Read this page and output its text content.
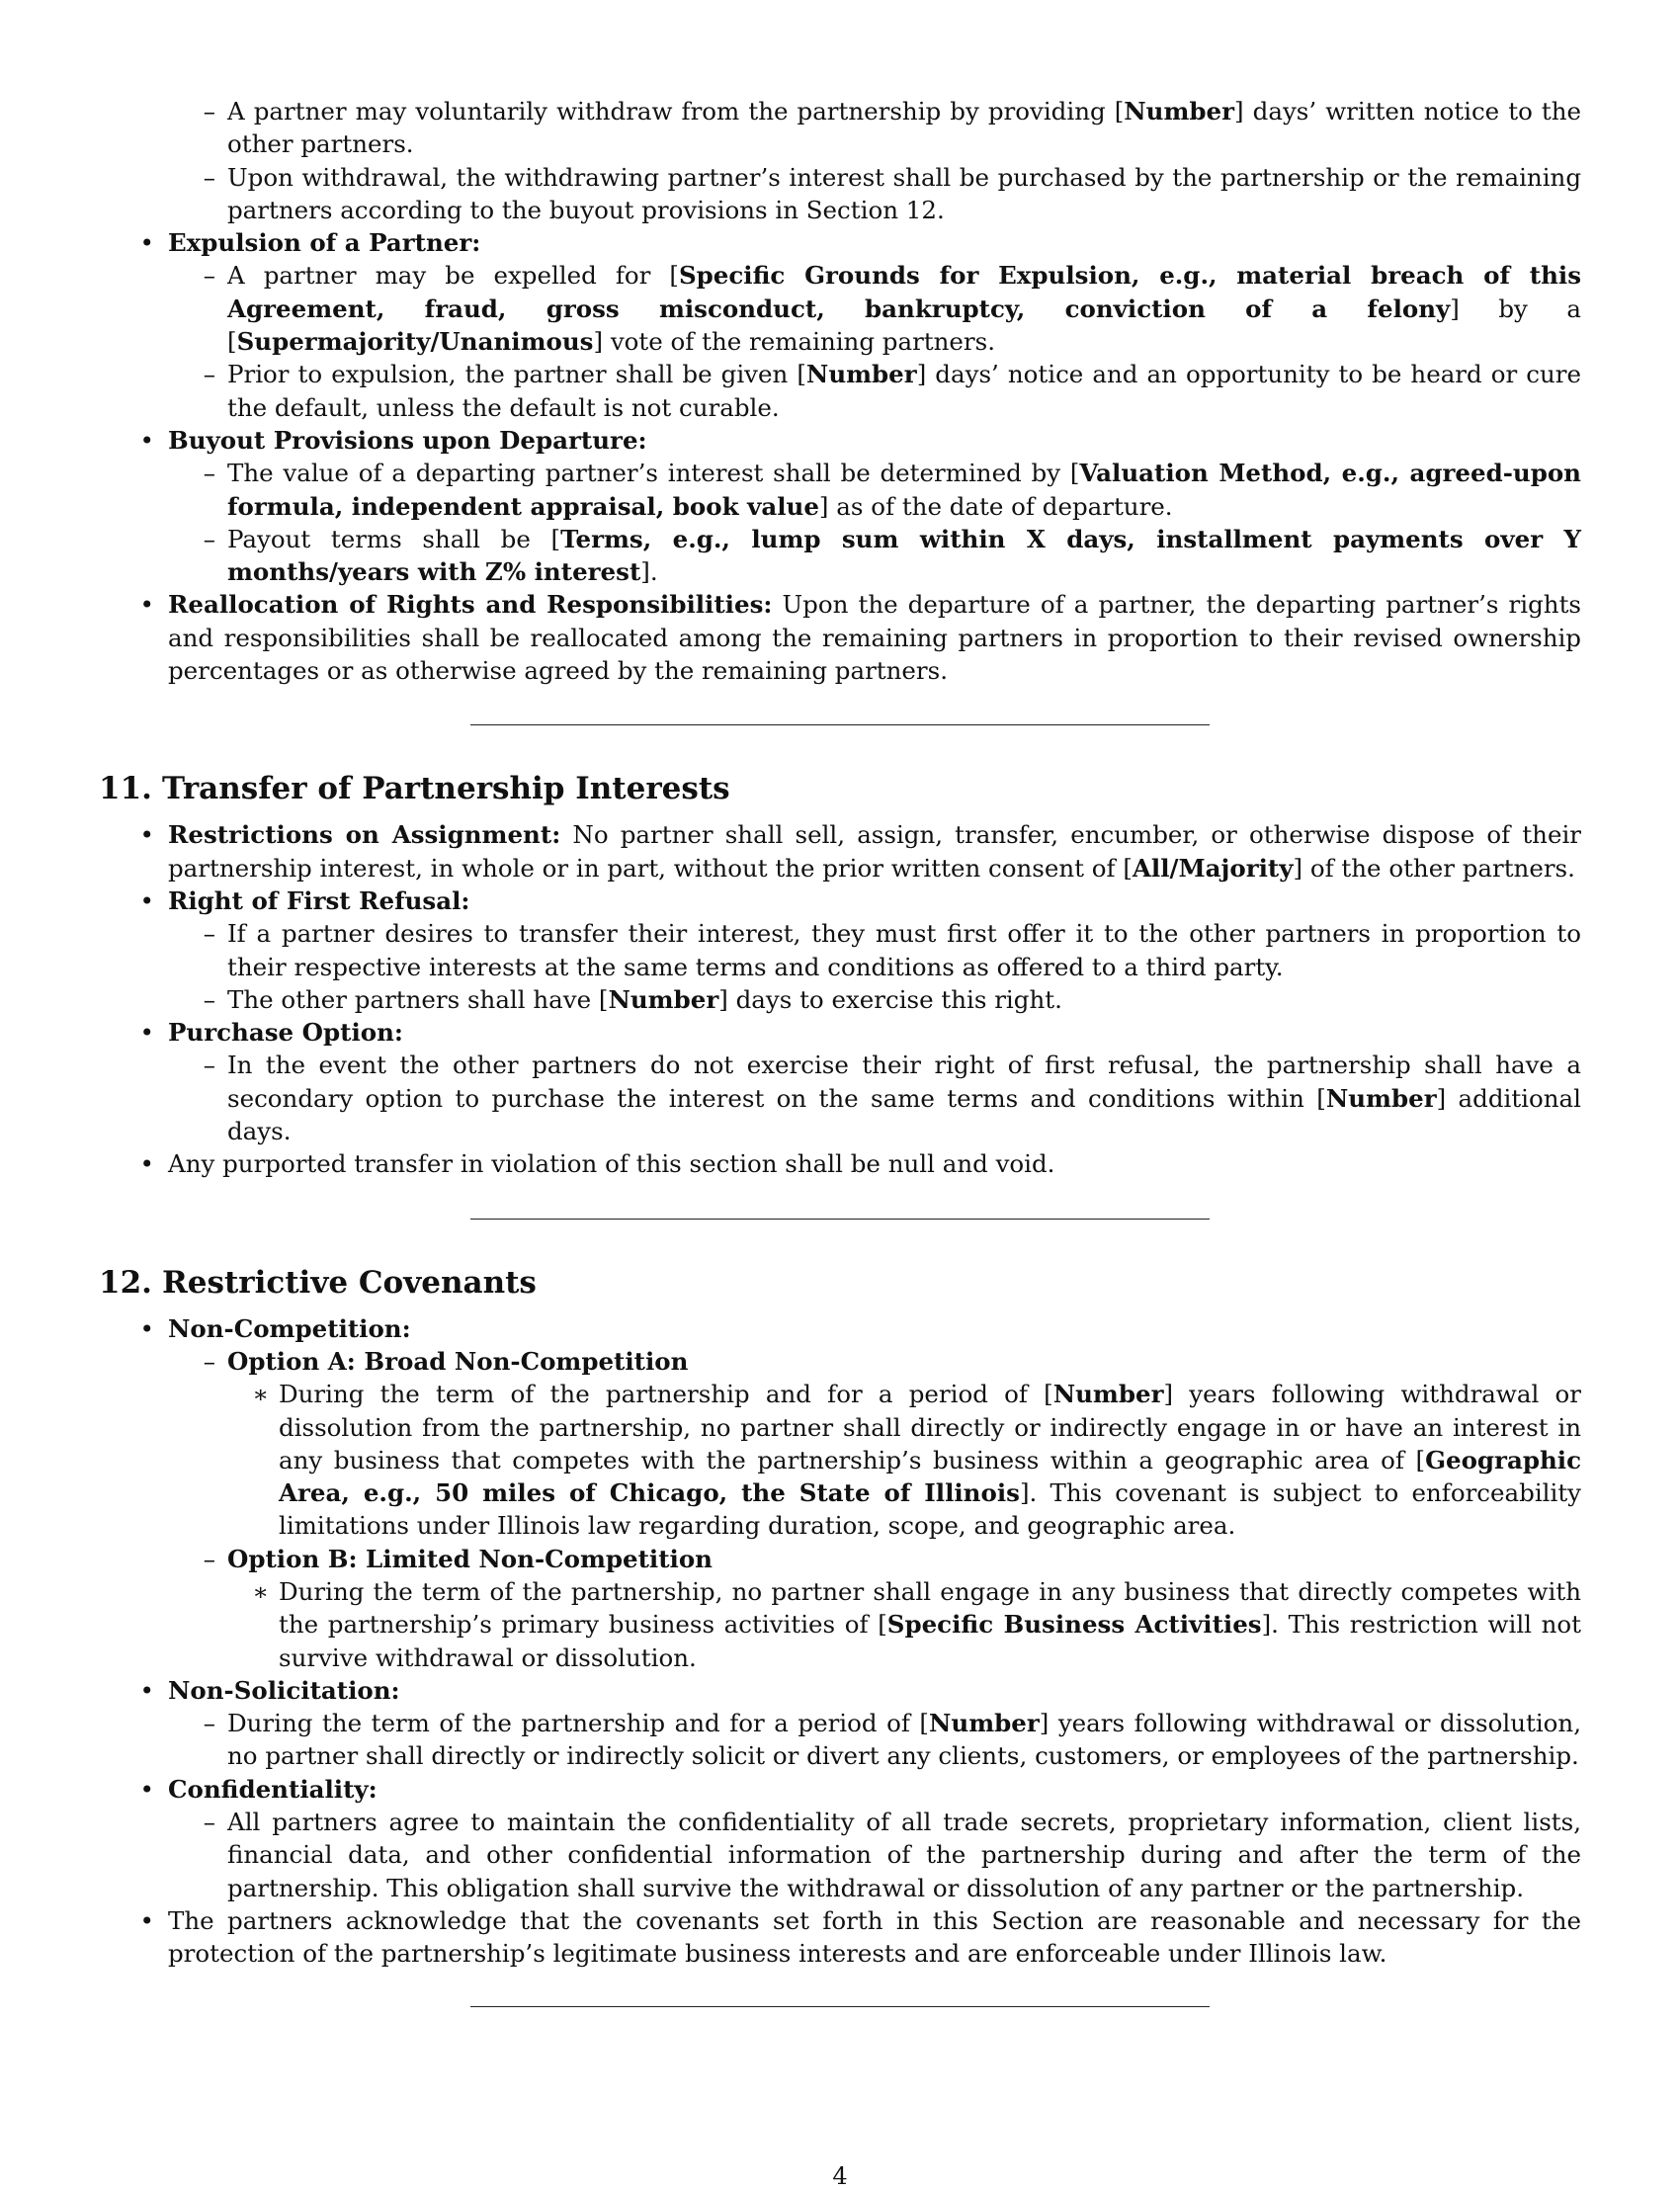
– A partner may voluntarily withdraw from the partnership by providing [Number] days’ written notice to the other partners.
– Upon withdrawal, the withdrawing partner’s interest shall be purchased by the partnership or the remaining partners according to the buyout provisions in Section 12.
• Expulsion of a Partner:
– A partner may be expelled for [Specific Grounds for Expulsion, e.g., material breach of this Agreement, fraud, gross misconduct, bankruptcy, conviction of a felony] by a [Supermajority/Unanimous] vote of the remaining partners.
– Prior to expulsion, the partner shall be given [Number] days’ notice and an opportunity to be heard or cure the default, unless the default is not curable.
• Buyout Provisions upon Departure:
– The value of a departing partner’s interest shall be determined by [Valuation Method, e.g., agreed-upon formula, independent appraisal, book value] as of the date of departure.
– Payout terms shall be [Terms, e.g., lump sum within X days, installment payments over Y months/years with Z% interest].
• Reallocation of Rights and Responsibilities: Upon the departure of a partner, the departing partner’s rights and responsibilities shall be reallocated among the remaining partners in proportion to their revised ownership percentages or as otherwise agreed by the remaining partners.
11. Transfer of Partnership Interests
• Restrictions on Assignment: No partner shall sell, assign, transfer, encumber, or otherwise dispose of their partnership interest, in whole or in part, without the prior written consent of [All/Majority] of the other partners.
• Right of First Refusal:
– If a partner desires to transfer their interest, they must first offer it to the other partners in proportion to their respective interests at the same terms and conditions as offered to a third party.
– The other partners shall have [Number] days to exercise this right.
• Purchase Option:
– In the event the other partners do not exercise their right of first refusal, the partnership shall have a secondary option to purchase the interest on the same terms and conditions within [Number] additional days.
• Any purported transfer in violation of this section shall be null and void.
12. Restrictive Covenants
• Non-Competition:
– Option A: Broad Non-Competition
∗ During the term of the partnership and for a period of [Number] years following withdrawal or dissolution from the partnership, no partner shall directly or indirectly engage in or have an interest in any business that competes with the partnership’s business within a geographic area of [Geographic Area, e.g., 50 miles of Chicago, the State of Illinois]. This covenant is subject to enforceability limitations under Illinois law regarding duration, scope, and geographic area.
– Option B: Limited Non-Competition
∗ During the term of the partnership, no partner shall engage in any business that directly competes with the partnership’s primary business activities of [Specific Business Activities]. This restriction will not survive withdrawal or dissolution.
• Non-Solicitation:
– During the term of the partnership and for a period of [Number] years following withdrawal or dissolution, no partner shall directly or indirectly solicit or divert any clients, customers, or employees of the partnership.
• Confidentiality:
– All partners agree to maintain the confidentiality of all trade secrets, proprietary information, client lists, financial data, and other confidential information of the partnership during and after the term of the partnership. This obligation shall survive the withdrawal or dissolution of any partner or the partnership.
• The partners acknowledge that the covenants set forth in this Section are reasonable and necessary for the protection of the partnership’s legitimate business interests and are enforceable under Illinois law.
4
